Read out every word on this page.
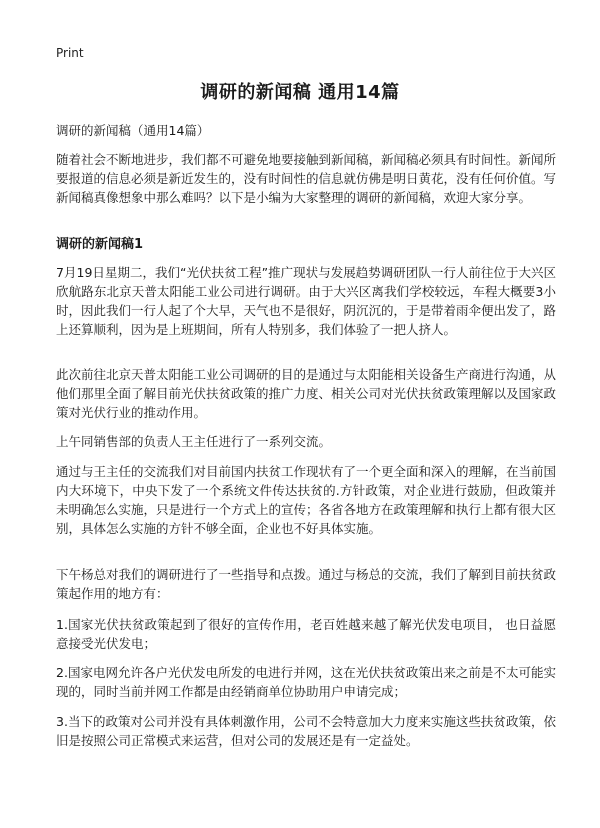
Print
调研的新闻稿 通用14篇

调研的新闻稿（通用14篇）

随着社会不断地进步，我们都不可避免地要接触到新闻稿，新闻稿必须具有时间性。新闻所要报道的信息必须是新近发生的，没有时间性的信息就仿佛是明日黄花，没有任何价值。写新闻稿真像想象中那么难吗？以下是小编为大家整理的调研的新闻稿，欢迎大家分享。

调研的新闻稿1

7月19日星期二，我们“光伏扶贫工程”推广现状与发展趋势调研团队一行人前往位于大兴区欣航路东北京天普太阳能工业公司进行调研。由于大兴区离我们学校较远，车程大概要3小时，因此我们一行人起了个大早，天气也不是很好，阴沉沉的，于是带着雨伞便出发了，路上还算顺利，因为是上班期间，所有人特别多，我们体验了一把人挤人。

此次前往北京天普太阳能工业公司调研的目的是通过与太阳能相关设备生产商进行沟通，从他们那里全面了解目前光伏扶贫政策的推广力度、相关公司对光伏扶贫政策理解以及国家政策对光伏行业的推动作用。

上午同销售部的负责人王主任进行了一系列交流。

通过与王主任的交流我们对目前国内扶贫工作现状有了一个更全面和深入的理解，在当前国内大环境下，中央下发了一个系统文件传达扶贫的.方针政策，对企业进行鼓励，但政策并未明确怎么实施，只是进行一个方式上的宣传；各省各地方在政策理解和执行上都有很大区别，具体怎么实施的方针不够全面，企业也不好具体实施。

下午杨总对我们的调研进行了一些指导和点拨。通过与杨总的交流，我们了解到目前扶贫政策起作用的地方有：

1.国家光伏扶贫政策起到了很好的宣传作用，老百姓越来越了解光伏发电项目， 也日益愿意接受光伏发电；

2.国家电网允许各户光伏发电所发的电进行并网，这在光伏扶贫政策出来之前是不太可能实现的，同时当前并网工作都是由经销商单位协助用户申请完成；

3.当下的政策对公司并没有具体刺激作用，公司不会特意加大力度来实施这些扶贫政策，依旧是按照公司正常模式来运营，但对公司的发展还是有一定益处。
